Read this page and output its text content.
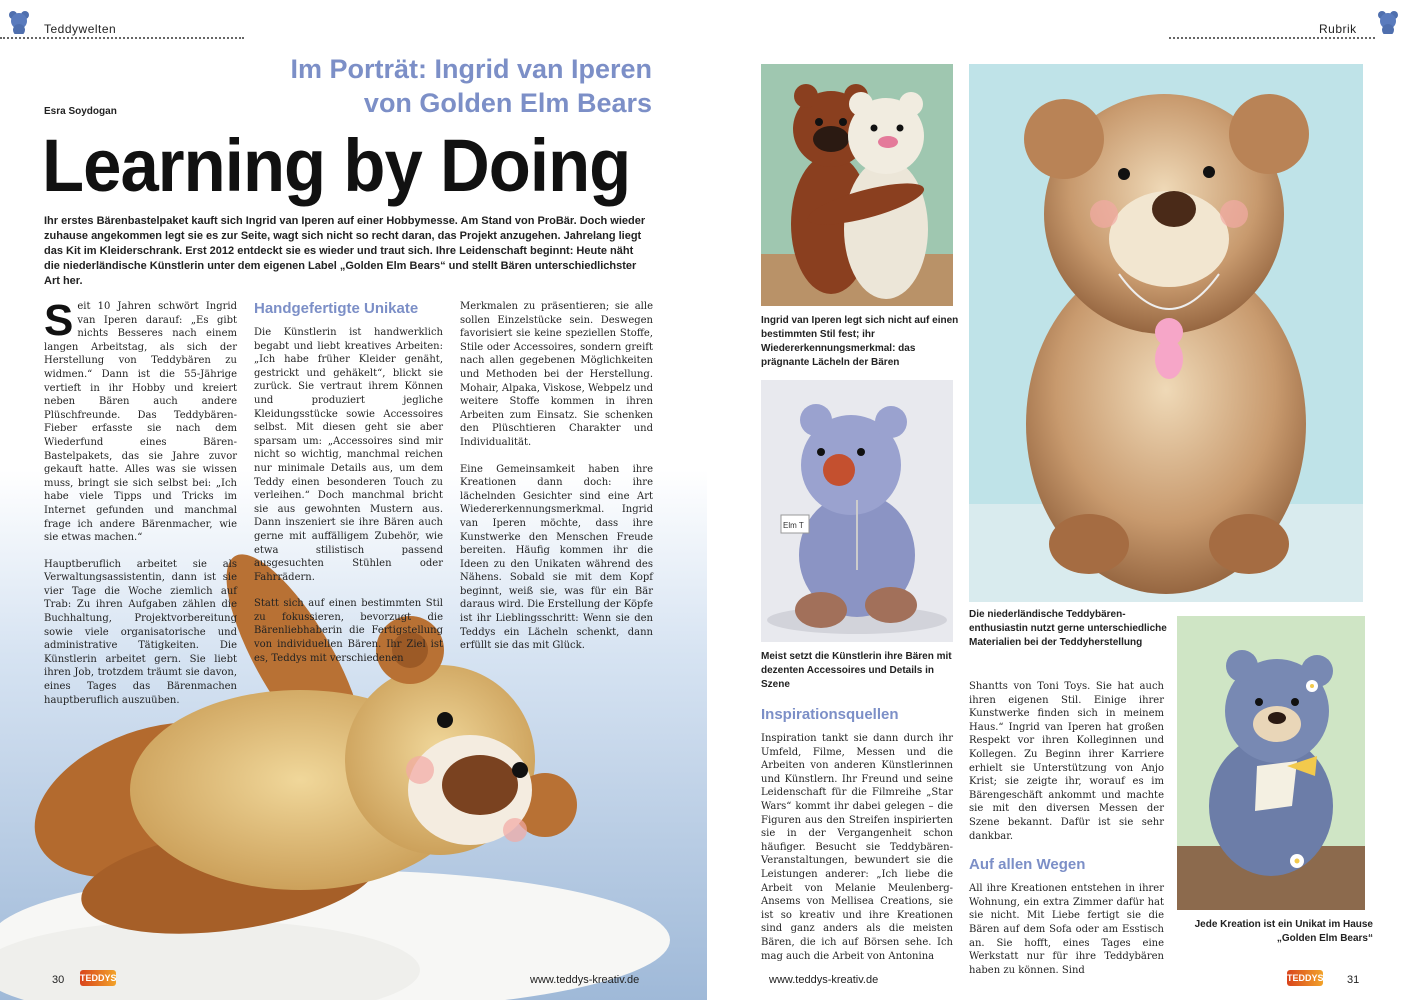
Teddywelten
Im Porträt: Ingrid van Iperen
von Golden Elm Bears
Esra Soydogan
Learning by Doing
Ihr erstes Bärenbastelpaket kauft sich Ingrid van Iperen auf einer Hobbymesse. Am Stand von ProBär. Doch wieder zuhause angekommen legt sie es zur Seite, wagt sich nicht so recht daran, das Projekt anzugehen. Jahrelang liegt das Kit im Kleiderschrank. Erst 2012 entdeckt sie es wieder und traut sich. Ihre Leidenschaft beginnt: Heute näht die niederländische Künstlerin unter dem eigenen Label „Golden Elm Bears“ und stellt Bären unterschiedlichster Art her.

Seit 10 Jahren schwört Ingrid van Iperen darauf: „Es gibt nichts Besseres nach einem langen Arbeitstag, als sich der Herstellung von Teddybären zu widmen.“ Dann ist die 55-Jährige vertieft in ihr Hobby und kreiert neben Bären auch andere Plüschfreunde. Das Teddybären-Fieber erfasste sie nach dem Wiederfund eines Bären-Bastelpakets, das sie Jahre zuvor gekauft hatte. Alles was sie wissen muss, bringt sie sich selbst bei: „Ich habe viele Tipps und Tricks im Internet gefunden und manchmal frage ich andere Bärenmacher, wie sie etwas machen.“

Hauptberuflich arbeitet sie als Verwaltungsassistentin, dann ist sie vier Tage die Woche ziemlich auf Trab: Zu ihren Aufgaben zählen die Buchhaltung, Projektvorbereitung sowie viele organisatorische und administrative Tätigkeiten. Die Künstlerin arbeitet gern. Sie liebt ihren Job, trotzdem träumt sie davon, eines Tages das Bärenmachen hauptberuflich auszuüben.

Handgefertigte Unikate

Die Künstlerin ist handwerklich begabt und liebt kreatives Arbeiten: „Ich habe früher Kleider genäht, gestrickt und gehäkelt“, blickt sie zurück. Sie vertraut ihrem Können und produziert jegliche Kleidungsstücke sowie Accessoires selbst. Mit diesen geht sie aber sparsam um: „Accessoires sind mir nicht so wichtig, manchmal reichen nur minimale Details aus, um dem Teddy einen besonderen Touch zu verleihen.“ Doch manchmal bricht sie aus gewohnten Mustern aus. Dann inszeniert sie ihre Bären auch gerne mit auffälligem Zubehör, wie etwa stilistisch passend ausgesuchten Stühlen oder Fahrrädern.

Statt sich auf einen bestimmten Stil zu fokussieren, bevorzugt die Bärenliebhaberin die Fertigstellung von individuellen Bären. Ihr Ziel ist es, Teddys mit verschiedenen

Merkmalen zu präsentieren; sie alle sollen Einzelstücke sein. Deswegen favorisiert sie keine speziellen Stoffe, Stile oder Accessoires, sondern greift nach allen gegebenen Möglichkeiten und Methoden bei der Herstellung. Mohair, Alpaka, Viskose, Webpelz und weitere Stoffe kommen in ihren Arbeiten zum Einsatz. Sie schenken den Plüschtieren Charakter und Individualität.

Eine Gemeinsamkeit haben ihre Kreationen dann doch: ihre lächelnden Gesichter sind eine Art Wiedererkennungsmerkmal. Ingrid van Iperen möchte, dass ihre Kunstwerke den Menschen Freude bereiten. Häufig kommen ihr die Ideen zu den Unikaten während des Nähens. Sobald sie mit dem Kopf beginnt, weiß sie, was für ein Bär daraus wird. Die Erstellung der Köpfe ist ihr Lieblingsschritt: Wenn sie den Teddys ein Lächeln schenkt, dann erfüllt sie das mit Glück.

30 TEDDYS	www.teddys-kreativ.de
Rubrik
Ingrid van Iperen legt sich nicht auf einen bestimmten Stil fest; ihr Wiedererkennungsmerkmal: das prägnante Lächeln der Bären
Elm T
Meist setzt die Künstlerin ihre Bären mit dezenten Accessoires und Details in Szene
Die niederländische Teddybären-enthusiastin nutzt gerne unterschiedliche Materialien bei der Teddyherstellung
Jede Kreation ist ein Unikat im Hause „Golden Elm Bears“
Inspirationsquellen

Inspiration tankt sie dann durch ihr Umfeld, Filme, Messen und die Arbeiten von anderen Künstlerinnen und Künstlern. Ihr Freund und seine Leidenschaft für die Filmreihe „Star Wars“ kommt ihr dabei gelegen – die Figuren aus den Streifen inspirierten sie in der Vergangenheit schon häufiger. Besucht sie Teddybären-Veranstaltungen, bewundert sie die Leistungen anderer: „Ich liebe die Arbeit von Melanie Meulenberg-Ansems von Mellisea Creations, sie ist so kreativ und ihre Kreationen sind ganz anders als die meisten Bären, die ich auf Börsen sehe. Ich mag auch die Arbeit von Antonina

Shantts von Toni Toys. Sie hat auch ihren eigenen Stil. Einige ihrer Kunstwerke finden sich in meinem Haus.“ Ingrid van Iperen hat großen Respekt vor ihren Kolleginnen und Kollegen. Zu Beginn ihrer Karriere erhielt sie Unterstützung von Anjo Krist; sie zeigte ihr, worauf es im Bärengeschäft ankommt und machte sie mit den diversen Messen der Szene bekannt. Dafür ist sie sehr dankbar.

Auf allen Wegen

All ihre Kreationen entstehen in ihrer Wohnung, ein extra Zimmer dafür hat sie nicht. Mit Liebe fertigt sie die Bären auf dem Sofa oder am Esstisch an. Sie hofft, eines Tages eine Werkstatt nur für ihre Teddybären haben zu können. Sind

www.teddys-kreativ.de	TEDDYS 31
